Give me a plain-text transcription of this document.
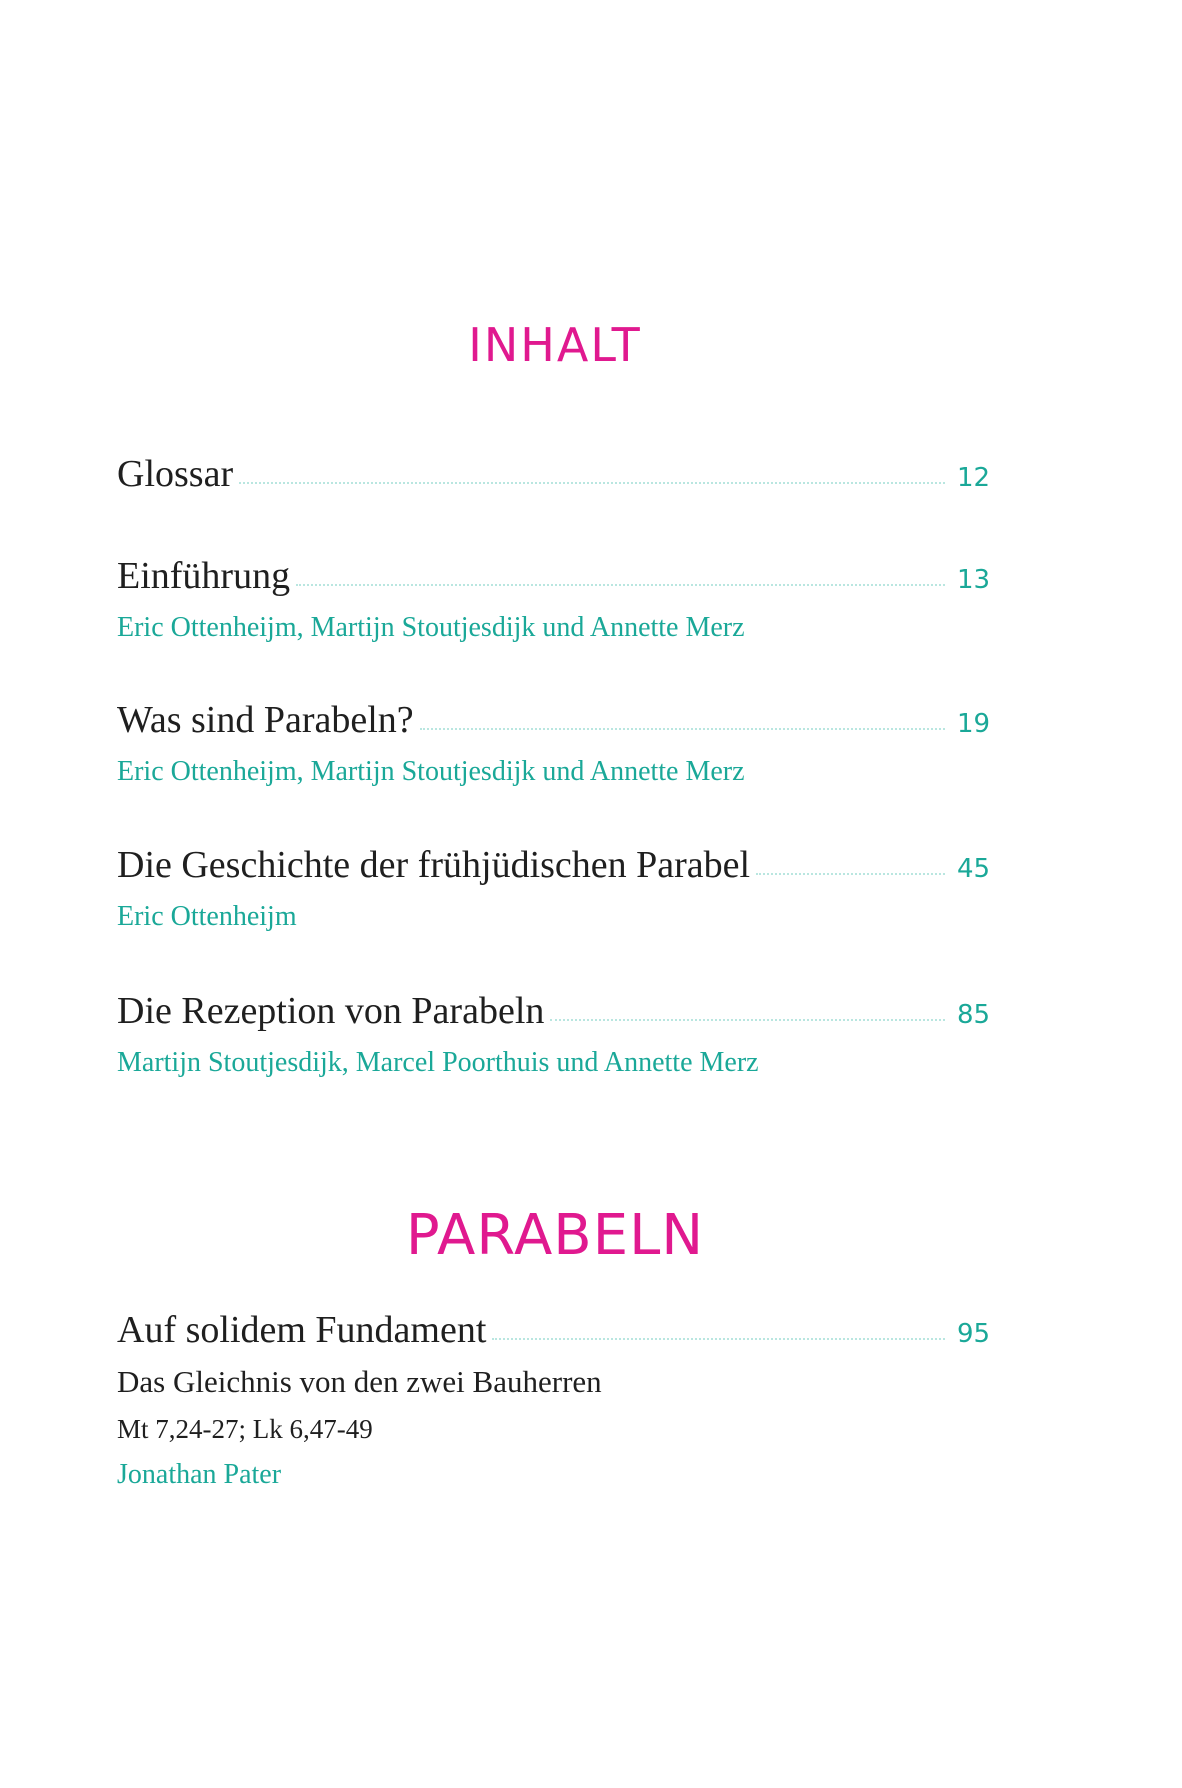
INHALT
Glossar	12
Einführung	13
Eric Ottenheijm, Martijn Stoutjesdijk und Annette Merz
Was sind Parabeln?	19
Eric Ottenheijm, Martijn Stoutjesdijk und Annette Merz
Die Geschichte der frühjüdischen Parabel	45
Eric Ottenheijm
Die Rezeption von Parabeln	85
Martijn Stoutjesdijk, Marcel Poorthuis und Annette Merz
PARABELN
Auf solidem Fundament	95
Das Gleichnis von den zwei Bauherren
Mt 7,24-27; Lk 6,47-49
Jonathan Pater
